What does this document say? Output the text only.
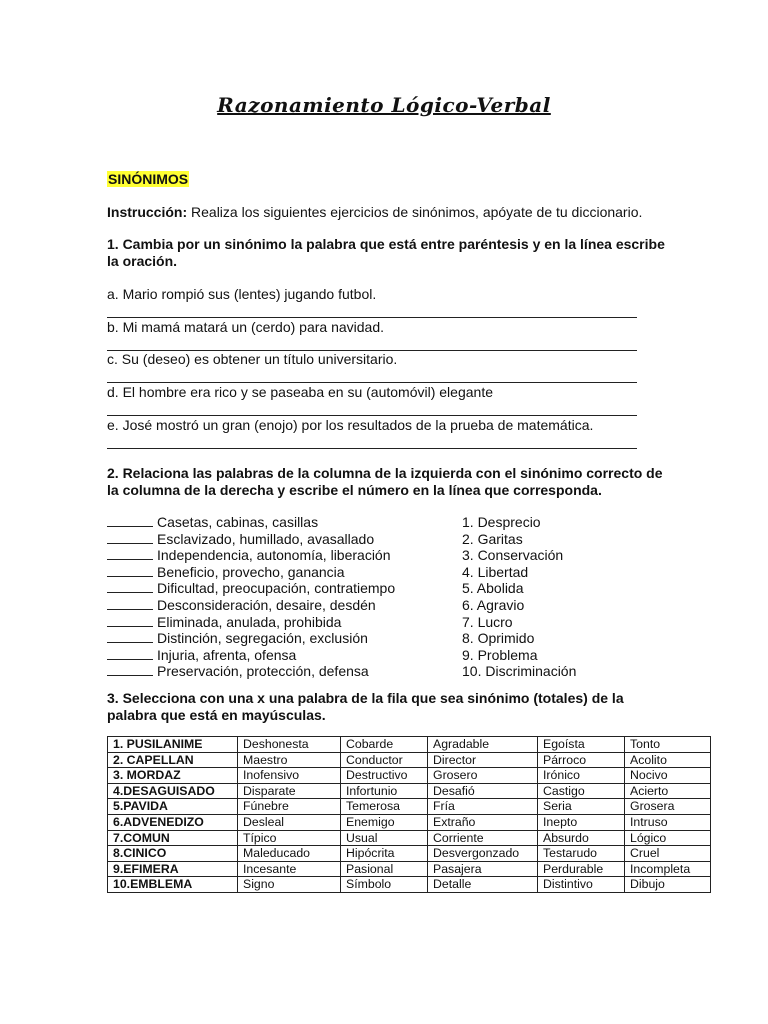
Razonamiento Lógico-Verbal
SINÓNIMOS

Instrucción: Realiza los siguientes ejercicios de sinónimos, apóyate de tu diccionario.

1. Cambia por un sinónimo la palabra que está entre paréntesis y en la línea escribe la oración.

a. Mario rompió sus (lentes) jugando futbol.

b. Mi mamá matará un (cerdo) para navidad.

c. Su (deseo) es obtener un título universitario.

d. El hombre era rico y se paseaba en su (automóvil) elegante

e. José mostró un gran (enojo) por los resultados de la prueba de matemática.

2. Relaciona las palabras de la columna de la izquierda con el sinónimo correcto de la columna de la derecha y escribe el número en la línea que corresponda.

Casetas, cabinas, casillas
Esclavizado, humillado, avasallado
Independencia, autonomía, liberación
Beneficio, provecho, ganancia
Dificultad, preocupación, contratiempo
Desconsideración, desaire, desdén
Eliminada, anulada, prohibida
Distinción, segregación, exclusión
Injuria, afrenta, ofensa
Preservación, protección, defensa
1. Desprecio
2. Garitas
3. Conservación
4. Libertad
5. Abolida
6. Agravio
7. Lucro
8. Oprimido
9. Problema
10. Discriminación

3. Selecciona con una x una palabra de la fila que sea sinónimo (totales) de la palabra que está en mayúsculas.

1. PUSILANIME	Deshonesta	Cobarde	Agradable	Egoísta	Tonto
2. CAPELLAN	Maestro	Conductor	Director	Párroco	Acolito
3. MORDAZ	Inofensivo	Destructivo	Grosero	Irónico	Nocivo
4.DESAGUISADO	Disparate	Infortunio	Desafió	Castigo	Acierto
5.PAVIDA	Fúnebre	Temerosa	Fría	Seria	Grosera
6.ADVENEDIZO	Desleal	Enemigo	Extraño	Inepto	Intruso
7.COMUN	Típico	Usual	Corriente	Absurdo	Lógico
8.CINICO	Maleducado	Hipócrita	Desvergonzado	Testarudo	Cruel
9.EFIMERA	Incesante	Pasional	Pasajera	Perdurable	Incompleta
10.EMBLEMA	Signo	Símbolo	Detalle	Distintivo	Dibujo
